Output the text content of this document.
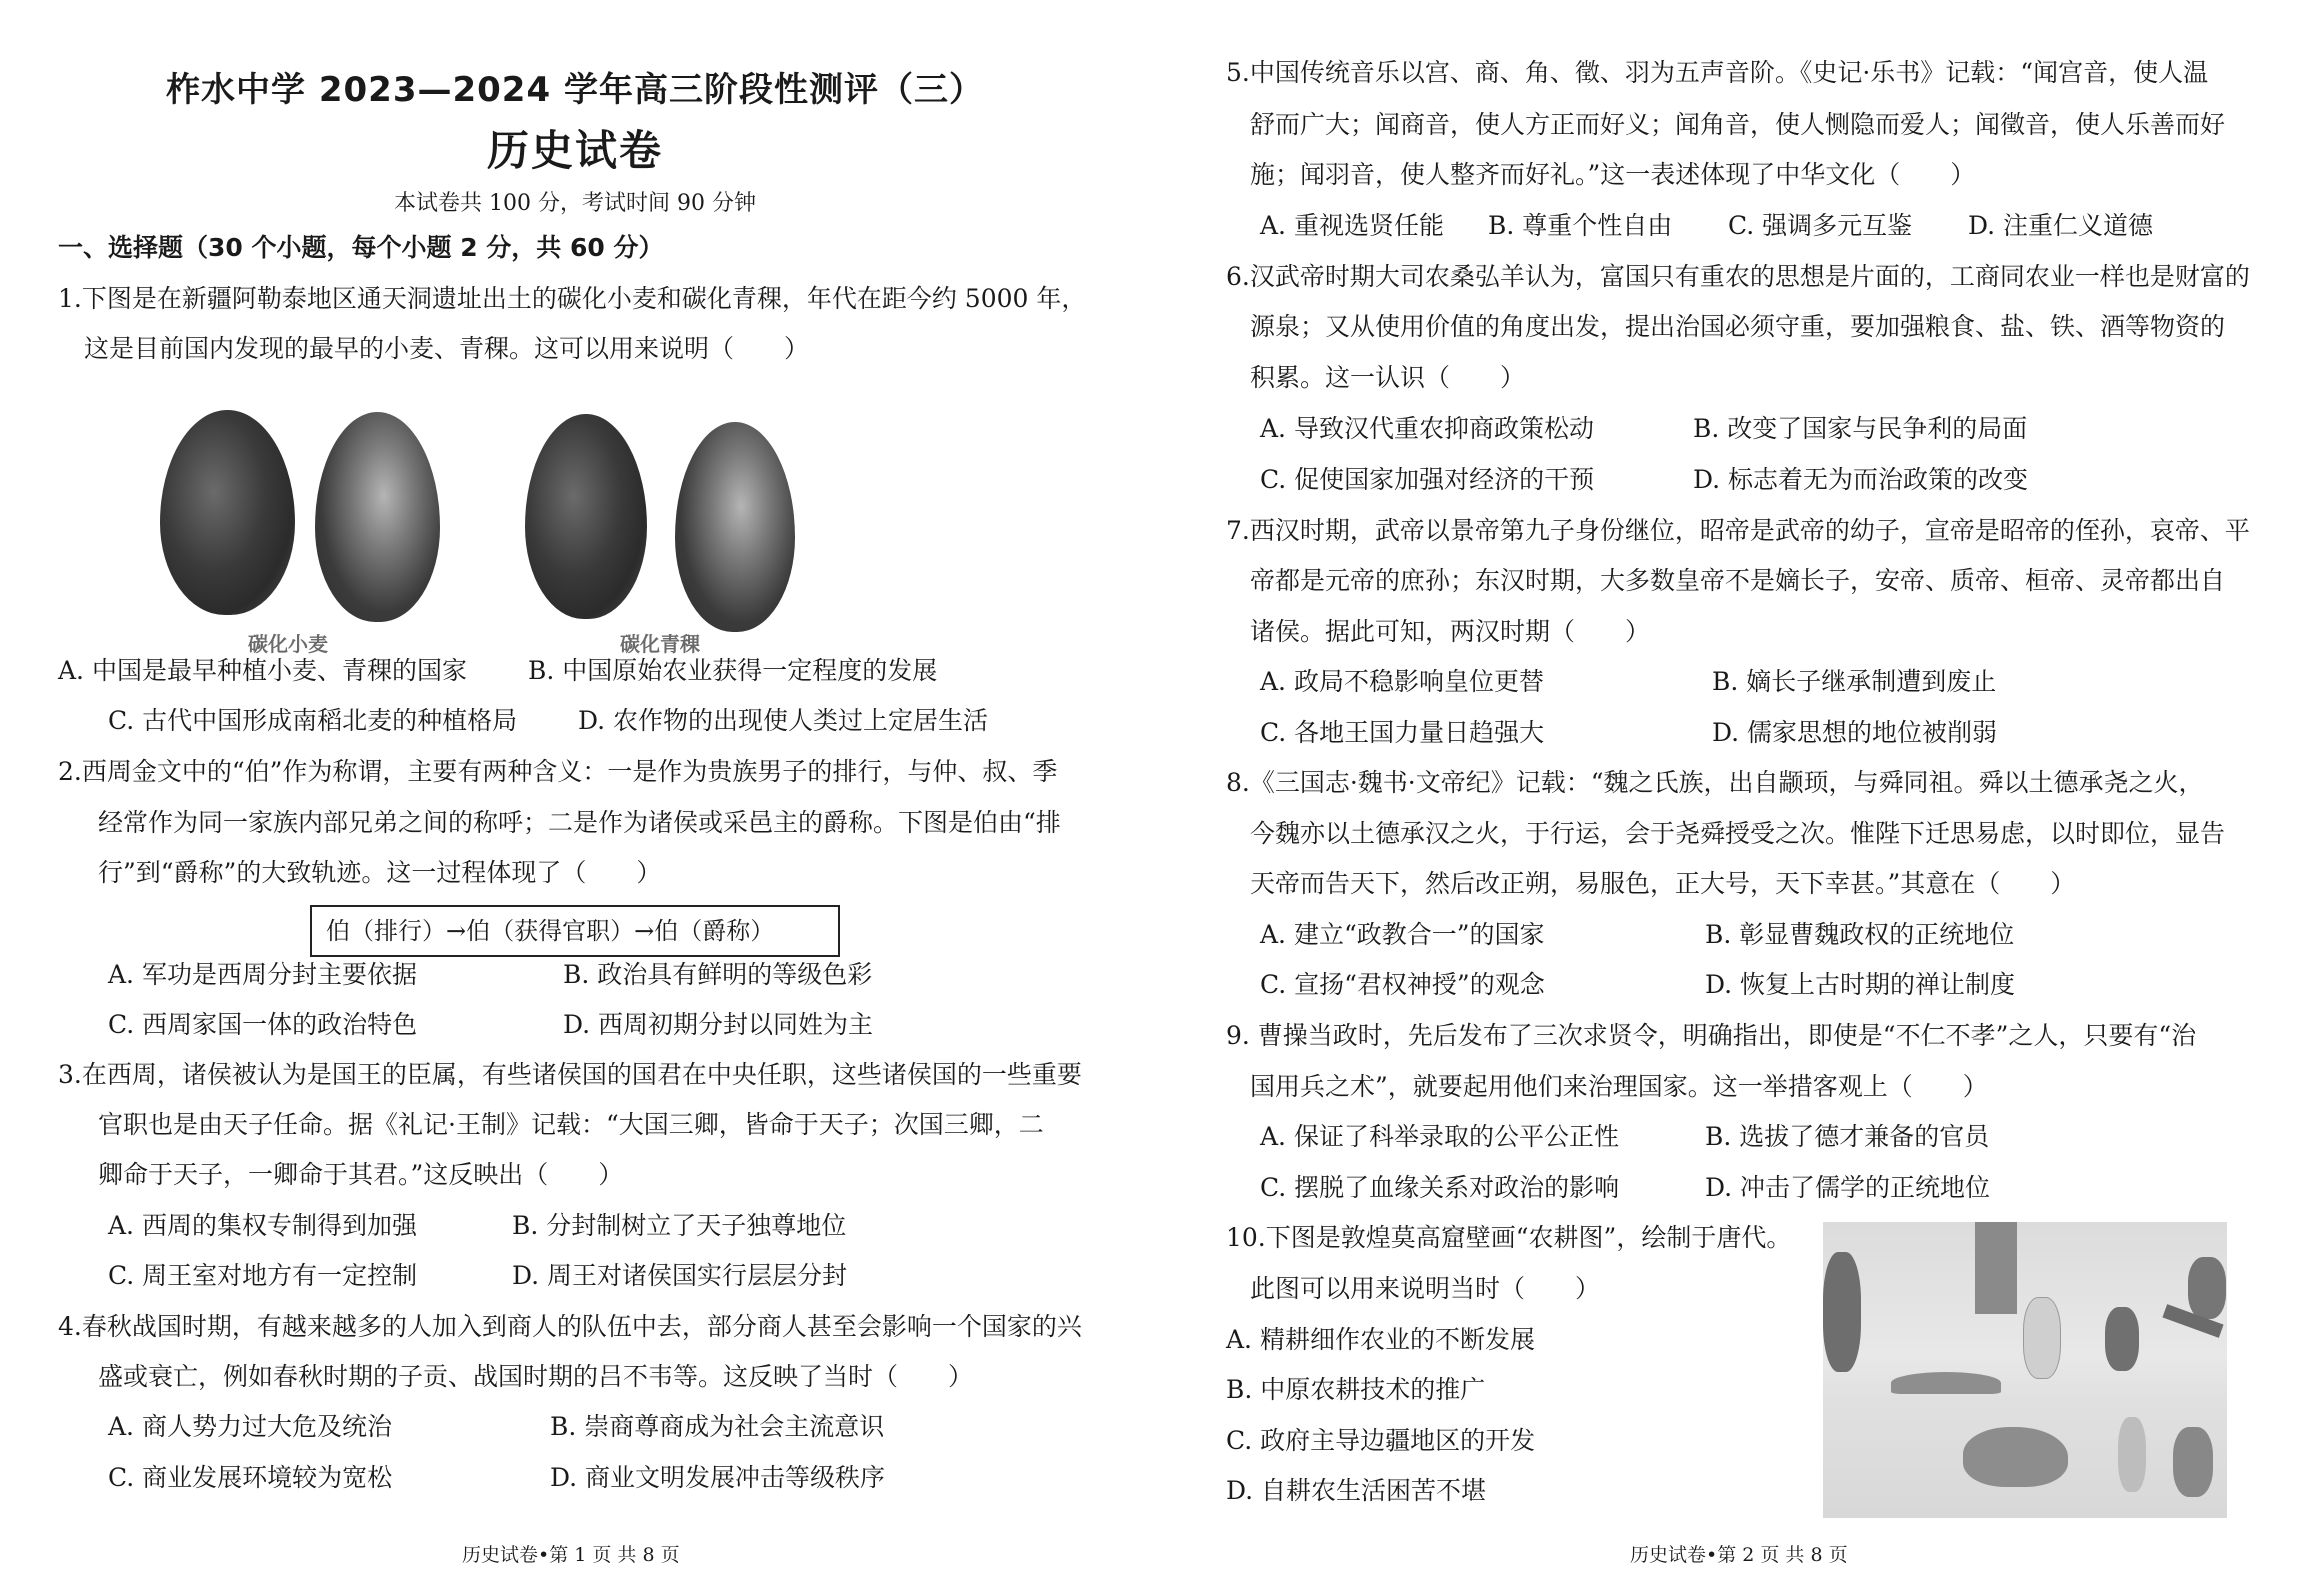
柞水中学 2023—2024 学年高三阶段性测评（三）
历史试卷
本试卷共 100 分，考试时间 90 分钟
一、选择题（30 个小题，每个小题 2 分，共 60 分）
1.下图是在新疆阿勒泰地区通天洞遗址出土的碳化小麦和碳化青稞，年代在距今约 5000 年，
这是目前国内发现的最早的小麦、青稞。这可以用来说明（　　）
碳化小麦	碳化青稞
A. 中国是最早种植小麦、青稞的国家 B. 中国原始农业获得一定程度的发展
C. 古代中国形成南稻北麦的种植格局 D. 农作物的出现使人类过上定居生活
2.西周金文中的“伯”作为称谓，主要有两种含义：一是作为贵族男子的排行，与仲、叔、季
经常作为同一家族内部兄弟之间的称呼；二是作为诸侯或采邑主的爵称。下图是伯由“排
行”到“爵称”的大致轨迹。这一过程体现了（　　）
伯（排行）→伯（获得官职）→伯（爵称）
A. 军功是西周分封主要依据	B. 政治具有鲜明的等级色彩
C. 西周家国一体的政治特色	D. 西周初期分封以同姓为主
3.在西周，诸侯被认为是国王的臣属，有些诸侯国的国君在中央任职，这些诸侯国的一些重要
官职也是由天子任命。据《礼记·王制》记载：“大国三卿，皆命于天子；次国三卿，二
卿命于天子，一卿命于其君。”这反映出（　　）
A. 西周的集权专制得到加强	B. 分封制树立了天子独尊地位
C. 周王室对地方有一定控制	D. 周王对诸侯国实行层层分封
4.春秋战国时期，有越来越多的人加入到商人的队伍中去，部分商人甚至会影响一个国家的兴
盛或衰亡，例如春秋时期的子贡、战国时期的吕不韦等。这反映了当时（　　）
A. 商人势力过大危及统治	B. 崇商尊商成为社会主流意识
C. 商业发展环境较为宽松	D. 商业文明发展冲击等级秩序
历史试卷•第 1 页 共 8 页
5.中国传统音乐以宫、商、角、徵、羽为五声音阶。《史记·乐书》记载：“闻宫音，使人温
舒而广大；闻商音，使人方正而好义；闻角音，使人恻隐而爱人；闻徵音，使人乐善而好
施；闻羽音，使人整齐而好礼。”这一表述体现了中华文化（　　）
A. 重视选贤任能 B. 尊重个性自由 C. 强调多元互鉴 D. 注重仁义道德
6.汉武帝时期大司农桑弘羊认为，富国只有重农的思想是片面的，工商同农业一样也是财富的
源泉；又从使用价值的角度出发，提出治国必须守重，要加强粮食、盐、铁、酒等物资的
积累。这一认识（　　）
A. 导致汉代重农抑商政策松动	B. 改变了国家与民争利的局面
C. 促使国家加强对经济的干预	D. 标志着无为而治政策的改变
7.西汉时期，武帝以景帝第九子身份继位，昭帝是武帝的幼子，宣帝是昭帝的侄孙，哀帝、平
帝都是元帝的庶孙；东汉时期，大多数皇帝不是嫡长子，安帝、质帝、桓帝、灵帝都出自
诸侯。据此可知，两汉时期（　　）
A. 政局不稳影响皇位更替	B. 嫡长子继承制遭到废止
C. 各地王国力量日趋强大	D. 儒家思想的地位被削弱
8.《三国志·魏书·文帝纪》记载：“魏之氏族，出自颛顼，与舜同祖。舜以土德承尧之火，
今魏亦以土德承汉之火，于行运，会于尧舜授受之次。惟陛下迁思易虑，以时即位，显告
天帝而告天下，然后改正朔，易服色，正大号，天下幸甚。”其意在（　　）
A. 建立“政教合一”的国家	B. 彰显曹魏政权的正统地位
C. 宣扬“君权神授”的观念	D. 恢复上古时期的禅让制度
9. 曹操当政时，先后发布了三次求贤令，明确指出，即使是“不仁不孝”之人，只要有“治
国用兵之术”，就要起用他们来治理国家。这一举措客观上（　　）
A. 保证了科举录取的公平公正性	B. 选拔了德才兼备的官员
C. 摆脱了血缘关系对政治的影响	D. 冲击了儒学的正统地位
10.下图是敦煌莫高窟壁画“农耕图”，绘制于唐代。
此图可以用来说明当时（　　）
A. 精耕细作农业的不断发展
B. 中原农耕技术的推广
C. 政府主导边疆地区的开发
D. 自耕农生活困苦不堪
历史试卷•第 2 页 共 8 页
